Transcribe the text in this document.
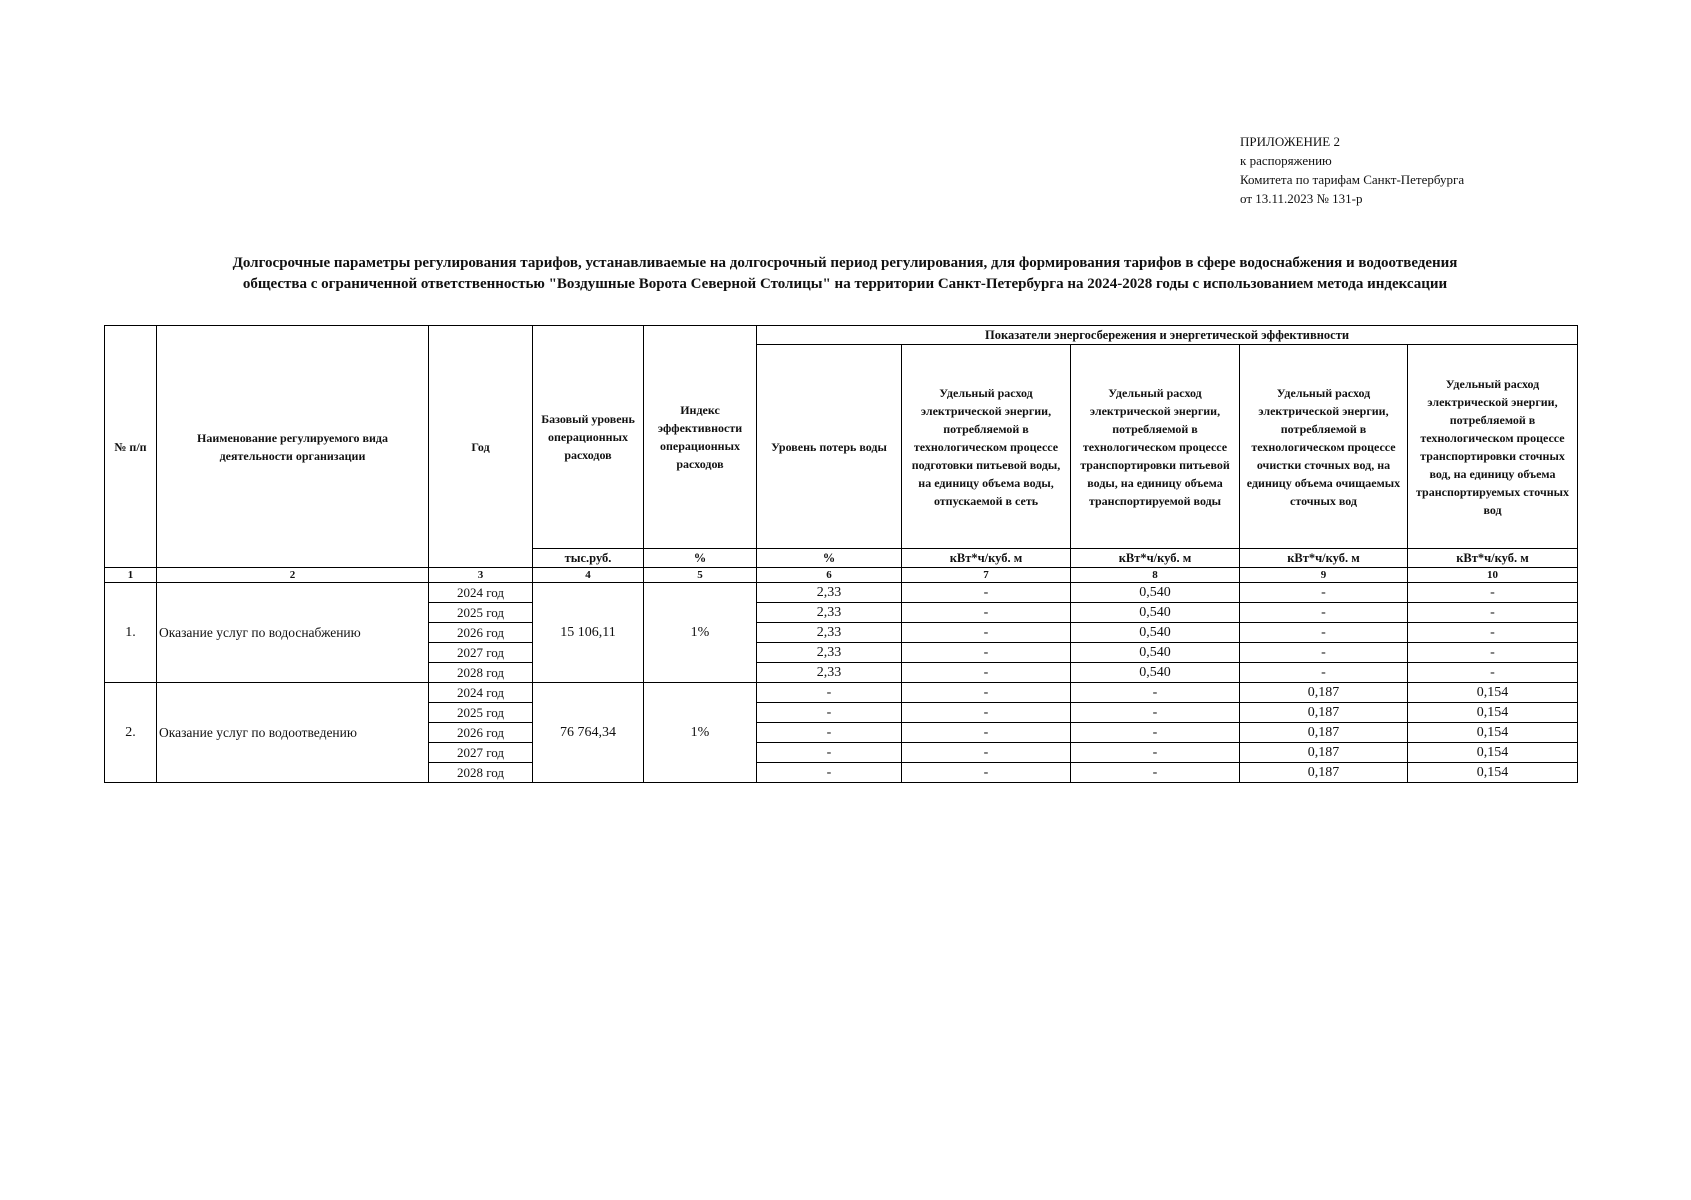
ПРИЛОЖЕНИЕ 2
к распоряжению
Комитета по тарифам Санкт-Петербурга
от 13.11.2023 № 131-р
Долгосрочные параметры регулирования тарифов, устанавливаемые на долгосрочный период регулирования, для формирования тарифов в сфере водоснабжения и водоотведения
общества с ограниченной ответственностью "Воздушные Ворота Северной Столицы" на территории Санкт-Петербурга на 2024-2028 годы с использованием метода индексации
№ п/п	Наименование регулируемого вида деятельности организации	Год	Базовый уровень операционных расходов	Индекс эффективности операционных расходов	Показатели энергосбережения и энергетической эффективности				
					Уровень потерь воды	Удельный расход электрической энергии, потребляемой в технологическом процессе подготовки питьевой воды, на единицу объема воды, отпускаемой в сеть	Удельный расход электрической энергии, потребляемой в технологическом процессе транспортировки питьевой воды, на единицу объема транспортируемой воды	Удельный расход электрической энергии, потребляемой в технологическом процессе очистки сточных вод, на единицу объема очищаемых сточных вод	Удельный расход электрической энергии, потребляемой в технологическом процессе транспортировки сточных вод, на единицу объема транспортируемых сточных вод
			тыс.руб.	%	%	кВт*ч/куб. м	кВт*ч/куб. м	кВт*ч/куб. м	кВт*ч/куб. м
1	2	3	4	5	6	7	8	9	10
1.	Оказание услуг по водоснабжению	2024 год	15 106,11	1%	2,33	-	0,540	-	-
		2025 год			2,33	-	0,540	-	-
		2026 год			2,33	-	0,540	-	-
		2027 год			2,33	-	0,540	-	-
		2028 год			2,33	-	0,540	-	-
2.	Оказание услуг по водоотведению	2024 год	76 764,34	1%	-	-	-	0,187	0,154
		2025 год			-	-	-	0,187	0,154
		2026 год			-	-	-	0,187	0,154
		2027 год			-	-	-	0,187	0,154
		2028 год			-	-	-	0,187	0,154
